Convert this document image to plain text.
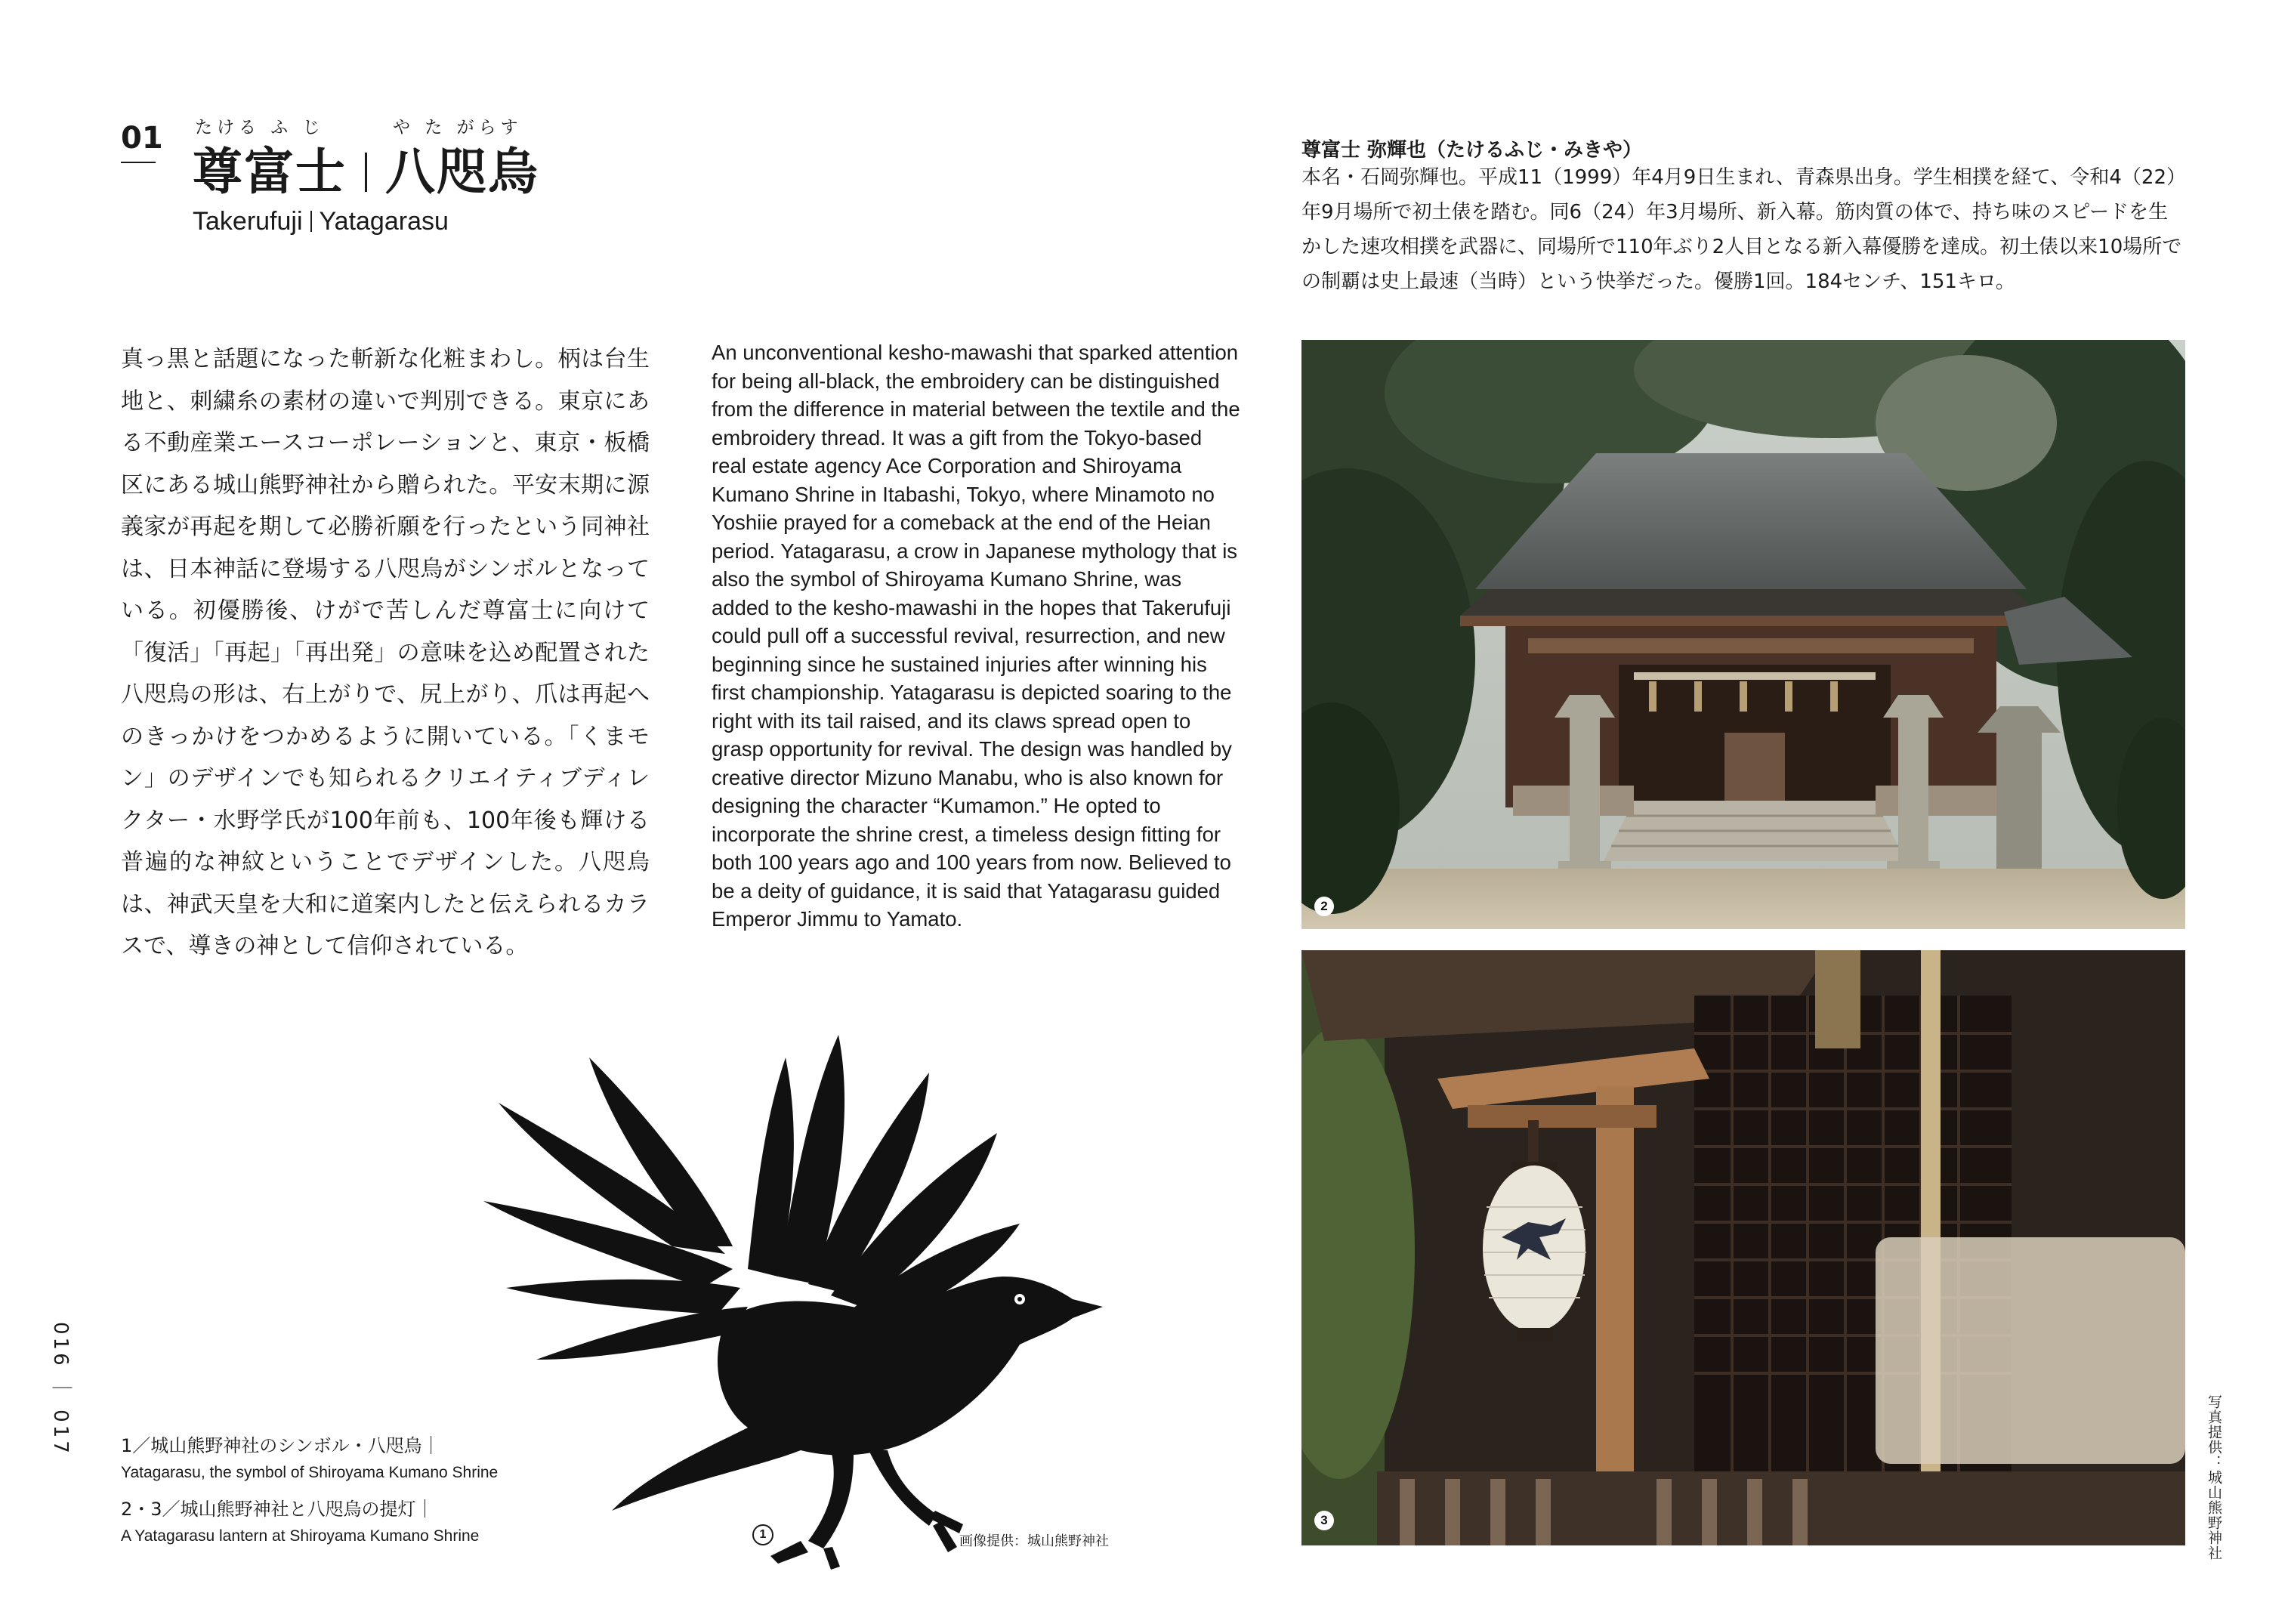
01 たける ふ じ	や た がらす
尊富士 八咫烏
Takerufuji Yatagarasu
尊富士 弥輝也（たけるふじ・みきや）
本名・石岡弥輝也。平成11（1999）年4月9日生まれ、青森県出身。学生相撲を経て、令和4（22）年9月場所で初土俵を踏む。同6（24）年3月場所、新入幕。筋肉質の体で、持ち味のスピードを生かした速攻相撲を武器に、同場所で110年ぶり2人目となる新入幕優勝を達成。初土俵以来10場所での制覇は史上最速（当時）という快挙だった。優勝1回。184センチ、151キロ。
真っ黒と話題になった斬新な化粧まわし。柄は台生地と、刺繍糸の素材の違いで判別できる。東京にある不動産業エースコーポレーションと、東京・板橋区にある城山熊野神社から贈られた。平安末期に源義家が再起を期して必勝祈願を行ったという同神社は、日本神話に登場する八咫烏がシンボルとなっている。初優勝後、けがで苦しんだ尊富士に向けて「復活」「再起」「再出発」の意味を込め配置された八咫烏の形は、右上がりで、尻上がり、爪は再起へのきっかけをつかめるように開いている。「くまモン」のデザインでも知られるクリエイティブディレクター・水野学氏が100年前も、100年後も輝ける普遍的な神紋ということでデザインした。八咫烏は、神武天皇を大和に道案内したと伝えられるカラスで、導きの神として信仰されている。
An unconventional kesho-mawashi that sparked attention for being all-black, the embroidery can be distinguished from the difference in material between the textile and the embroidery thread. It was a gift from the Tokyo-based real estate agency Ace Corporation and Shiroyama Kumano Shrine in Itabashi, Tokyo, where Minamoto no Yoshiie prayed for a comeback at the end of the Heian period. Yatagarasu, a crow in Japanese mythology that is also the symbol of Shiroyama Kumano Shrine, was added to the kesho-mawashi in the hopes that Takerufuji could pull off a successful revival, resurrection, and new beginning since he sustained injuries after winning his first championship. Yatagarasu is depicted soaring to the right with its tail raised, and its claws spread open to grasp opportunity for revival. The design was handled by creative director Mizuno Manabu, who is also known for designing the character “Kumamon.” He opted to incorporate the shrine crest, a timeless design fitting for both 100 years ago and 100 years from now. Believed to be a deity of guidance, it is said that Yatagarasu guided Emperor Jimmu to Yamato.
2
3
1
1／城山熊野神社のシンボル・八咫烏｜
Yatagarasu, the symbol of Shiroyama Kumano Shrine
2・3／城山熊野神社と八咫烏の提灯｜
A Yatagarasu lantern at Shiroyama Kumano Shrine	画像提供：城山熊野神社	写真提供：城山熊野神社
016 ｜ 017
